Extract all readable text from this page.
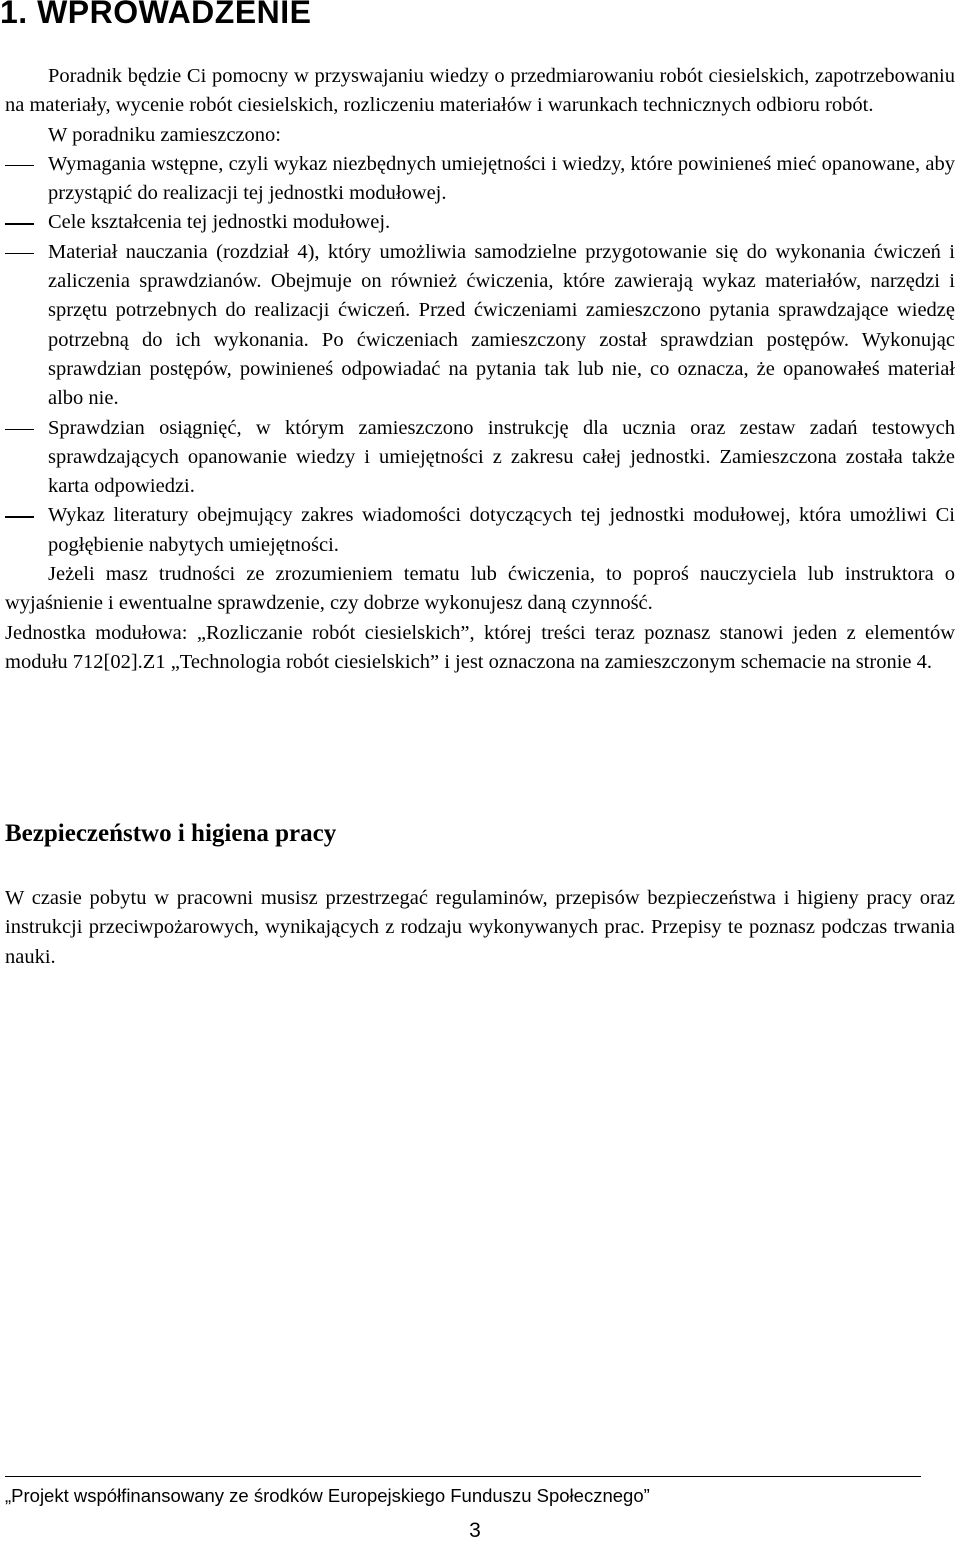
1. WPROWADZENIE

Poradnik będzie Ci pomocny w przyswajaniu wiedzy o przedmiarowaniu robót ciesielskich, zapotrzebowaniu na materiały, wycenie robót ciesielskich, rozliczeniu materiałów i warunkach technicznych odbioru robót.

W poradniku zamieszczono:

Wymagania wstępne, czyli wykaz niezbędnych umiejętności i wiedzy, które powinieneś mieć opanowane, aby przystąpić do realizacji tej jednostki modułowej.
Cele kształcenia tej jednostki modułowej.
Materiał nauczania (rozdział 4), który umożliwia samodzielne przygotowanie się do wykonania ćwiczeń i zaliczenia sprawdzianów. Obejmuje on również ćwiczenia, które zawierają wykaz materiałów, narzędzi i sprzętu potrzebnych do realizacji ćwiczeń. Przed ćwiczeniami zamieszczono pytania sprawdzające wiedzę potrzebną do ich wykonania. Po ćwiczeniach zamieszczony został sprawdzian postępów. Wykonując sprawdzian postępów, powinieneś odpowiadać na pytania tak lub nie, co oznacza, że opanowałeś materiał albo nie.
Sprawdzian osiągnięć, w którym zamieszczono instrukcję dla ucznia oraz zestaw zadań testowych sprawdzających opanowanie wiedzy i umiejętności z zakresu całej jednostki. Zamieszczona została także karta odpowiedzi.
Wykaz literatury obejmujący zakres wiadomości dotyczących tej jednostki modułowej, która umożliwi Ci pogłębienie nabytych umiejętności.

Jeżeli masz trudności ze zrozumieniem tematu lub ćwiczenia, to poproś nauczyciela lub instruktora o wyjaśnienie i ewentualne sprawdzenie, czy dobrze wykonujesz daną czynność.

Jednostka modułowa: „Rozliczanie robót ciesielskich”, której treści teraz poznasz stanowi jeden z elementów modułu 712[02].Z1 „Technologia robót ciesielskich” i jest oznaczona na zamieszczonym schemacie na stronie 4.

Bezpieczeństwo i higiena pracy

W czasie pobytu w pracowni musisz przestrzegać regulaminów, przepisów bezpieczeństwa i higieny pracy oraz instrukcji przeciwpożarowych, wynikających z rodzaju wykonywanych prac. Przepisy te poznasz podczas trwania nauki.

„Projekt współfinansowany ze środków Europejskiego Funduszu Społecznego”
3
